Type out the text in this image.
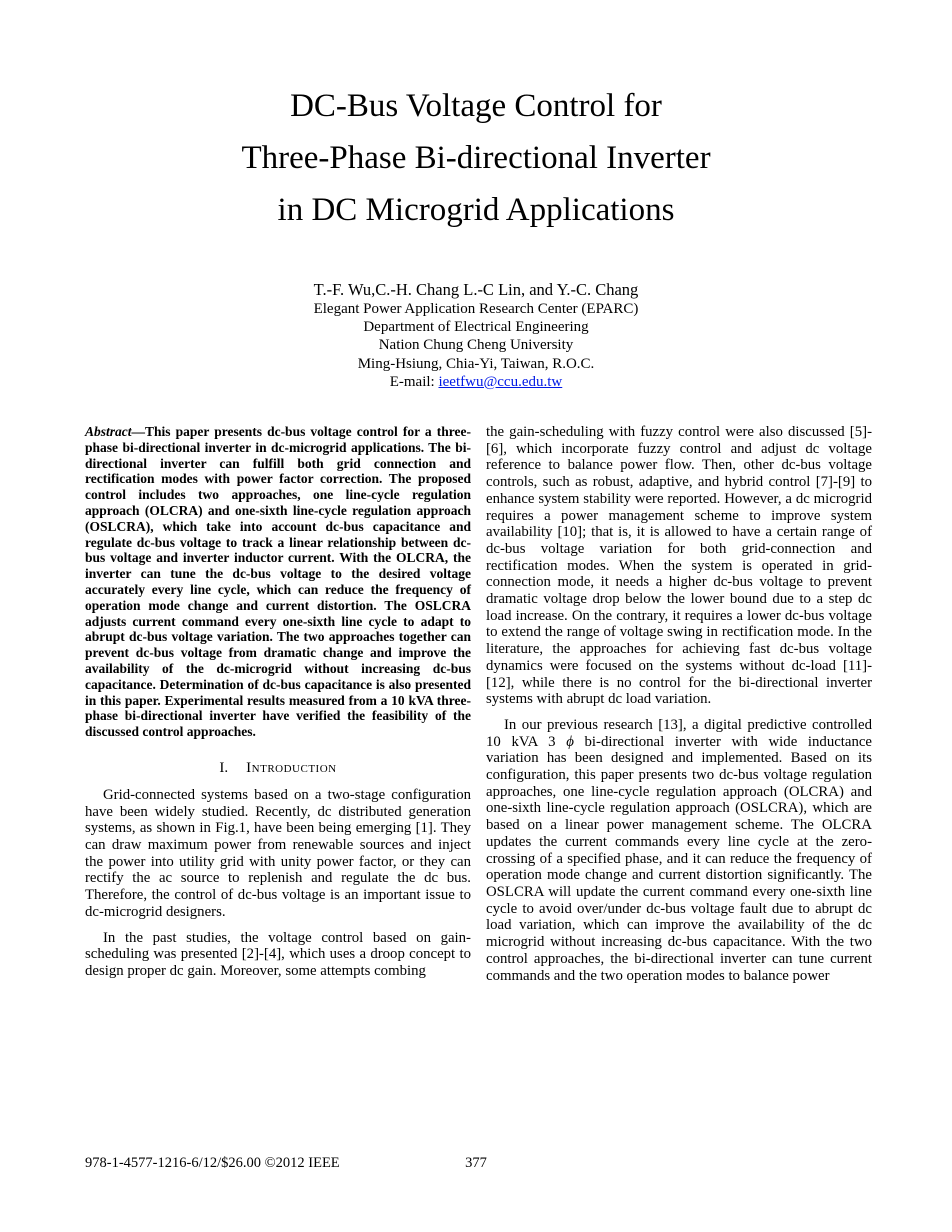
DC-Bus Voltage Control for
Three-Phase Bi-directional Inverter
in DC Microgrid Applications
T.-F. Wu,C.-H. Chang L.-C Lin, and Y.-C. Chang
Elegant Power Application Research Center (EPARC)
Department of Electrical Engineering
Nation Chung Cheng University
Ming-Hsiung, Chia-Yi, Taiwan, R.O.C.
E-mail: ieetfwu@ccu.edu.tw

Abstract—This paper presents dc-bus voltage control for a three-phase bi-directional inverter in dc-microgrid applications. The bi-directional inverter can fulfill both grid connection and rectification modes with power factor correction. The proposed control includes two approaches, one line-cycle regulation approach (OLCRA) and one-sixth line-cycle regulation approach (OSLCRA), which take into account dc-bus capacitance and regulate dc-bus voltage to track a linear relationship between dc-bus voltage and inverter inductor current. With the OLCRA, the inverter can tune the dc-bus voltage to the desired voltage accurately every line cycle, which can reduce the frequency of operation mode change and current distortion. The OSLCRA adjusts current command every one-sixth line cycle to adapt to abrupt dc-bus voltage variation. The two approaches together can prevent dc-bus voltage from dramatic change and improve the availability of the dc-microgrid without increasing dc-bus capacitance. Determination of dc-bus capacitance is also presented in this paper. Experimental results measured from a 10 kVA three-phase bi-directional inverter have verified the feasibility of the discussed control approaches.

I. Introduction

Grid-connected systems based on a two-stage configuration have been widely studied. Recently, dc distributed generation systems, as shown in Fig.1, have been being emerging [1]. They can draw maximum power from renewable sources and inject the power into utility grid with unity power factor, or they can rectify the ac source to replenish and regulate the dc bus. Therefore, the control of dc-bus voltage is an important issue to dc-microgrid designers.

In the past studies, the voltage control based on gain-scheduling was presented [2]-[4], which uses a droop concept to design proper dc gain. Moreover, some attempts combing

the gain-scheduling with fuzzy control were also discussed [5]-[6], which incorporate fuzzy control and adjust dc voltage reference to balance power flow. Then, other dc-bus voltage controls, such as robust, adaptive, and hybrid control [7]-[9] to enhance system stability were reported. However, a dc microgrid requires a power management scheme to improve system availability [10]; that is, it is allowed to have a certain range of dc-bus voltage variation for both grid-connection and rectification modes. When the system is operated in grid-connection mode, it needs a higher dc-bus voltage to prevent dramatic voltage drop below the lower bound due to a step dc load increase. On the contrary, it requires a lower dc-bus voltage to extend the range of voltage swing in rectification mode. In the literature, the approaches for achieving fast dc-bus voltage dynamics were focused on the systems without dc-load [11]-[12], while there is no control for the bi-directional inverter systems with abrupt dc load variation.

In our previous research [13], a digital predictive controlled 10 kVA 3 ϕ bi-directional inverter with wide inductance variation has been designed and implemented. Based on its configuration, this paper presents two dc-bus voltage regulation approaches, one line-cycle regulation approach (OLCRA) and one-sixth line-cycle regulation approach (OSLCRA), which are based on a linear power management scheme. The OLCRA updates the current commands every line cycle at the zero-crossing of a specified phase, and it can reduce the frequency of operation mode change and current distortion significantly. The OSLCRA will update the current command every one-sixth line cycle to avoid over/under dc-bus voltage fault due to abrupt dc load variation, which can improve the availability of the dc microgrid without increasing dc-bus capacitance. With the two control approaches, the bi-directional inverter can tune current commands and the two operation modes to balance power

978-1-4577-1216-6/12/$26.00 ©2012 IEEE	377
